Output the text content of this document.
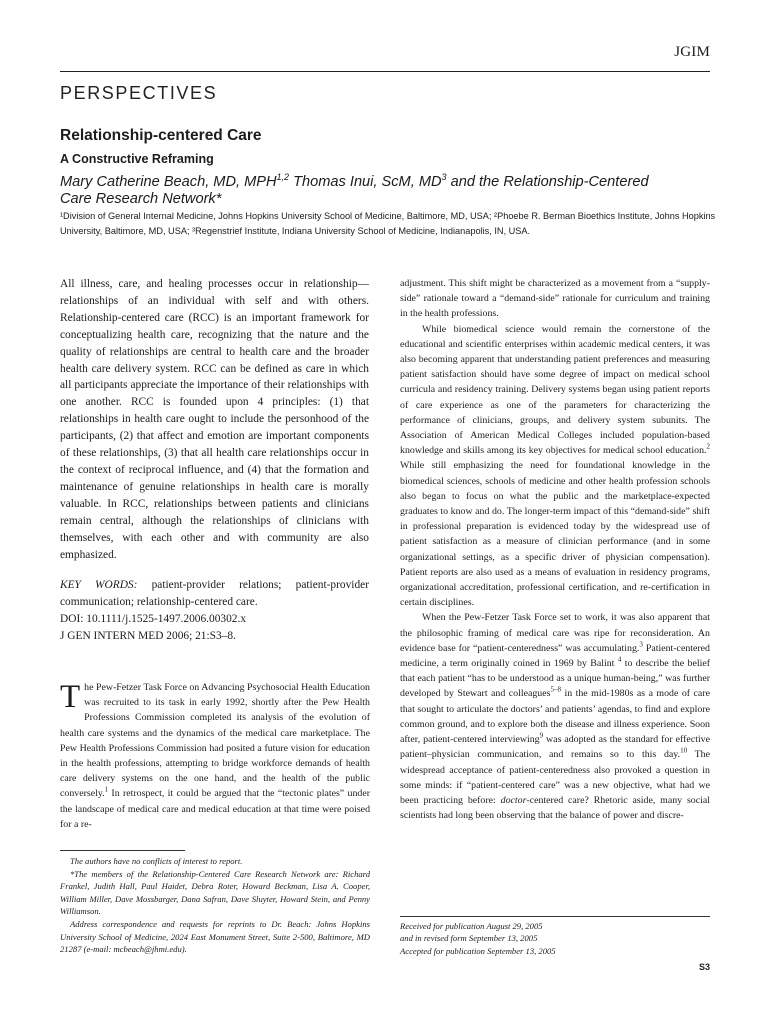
JGIM
PERSPECTIVES
Relationship-centered Care
A Constructive Reframing
Mary Catherine Beach, MD, MPH$^{1,2}$ Thomas Inui, ScM, $MD^3$ and the Relationship-Centered
Care Research Network*
¹Division of General Internal Medicine, Johns Hopkins University School of Medicine, Baltimore, MD, USA; ²Phoebe R. Berman Bioethics Institute, Johns Hopkins University, Baltimore, MD, USA; ³Regenstrief Institute, Indiana University School of Medicine, Indianapolis, IN, USA.
All illness, care, and healing processes occur in relationship—relationships of an individual with self and with others. Relationship-centered care (RCC) is an important framework for conceptualizing health care, recognizing that the nature and the quality of relationships are central to health care and the broader health care delivery system. RCC can be defined as care in which all participants appreciate the importance of their relationships with one another. RCC is founded upon 4 principles: (1) that relationships in health care ought to include the personhood of the participants, (2) that affect and emotion are important components of these relationships, (3) that all health care relationships occur in the context of reciprocal influence, and (4) that the formation and maintenance of genuine relationships in health care is morally valuable. In RCC, relationships between patients and clinicians remain central, although the relationships of clinicians with themselves, with each other and with community are also emphasized.

KEY WORDS: patient-provider relations; patient-provider communication; relationship-centered care.

DOI: 10.1111/j.1525-1497.2006.00302.x

J GEN INTERN MED 2006; 21:S3–8.

The Pew-Fetzer Task Force on Advancing Psychosocial Health Education was recruited to its task in early 1992, shortly after the Pew Health Professions Commission completed its analysis of the evolution of health care systems and the dynamics of the medical care marketplace. The Pew Health Professions Commission had posited a future vision for education in the health professions, attempting to bridge workforce demands of health care delivery systems on the one hand, and the health of the public conversely.$^1$ In retrospect, it could be argued that the “tectonic plates” under the landscape of medical care and medical education at that time were poised for a re-

The authors have no conflicts of interest to report.

*The members of the Relationship-Centered Care Research Network are: Richard Frankel, Judith Hall, Paul Haidet, Debra Roter, Howard Beckman, Lisa A. Cooper, William Miller, Dave Mossbarger, Dana Safran, Dave Sluyter, Howard Stein, and Penny Williamson.

Address correspondence and requests for reprints to Dr. Beach: Johns Hopkins University School of Medicine, 2024 East Monument Street, Suite 2-500, Baltimore, MD 21287 (e-mail: mcbeach@jhmi.edu).

adjustment. This shift might be characterized as a movement from a “supply-side” rationale toward a “demand-side” rationale for curriculum and training in the health professions.

While biomedical science would remain the cornerstone of the educational and scientific enterprises within academic medical centers, it was also becoming apparent that understanding patient preferences and measuring patient satisfaction should have some degree of impact on medical school curricula and residency training. Delivery systems began using patient reports of care experience as one of the parameters for characterizing the performance of clinicians, groups, and delivery system subunits. The Association of American Medical Colleges included population-based knowledge and skills among its key objectives for medical school education.$^2$ While still emphasizing the need for foundational knowledge in the biomedical sciences, schools of medicine and other health profession schools also began to focus on what the public and the marketplace-expected graduates to know and do. The longer-term impact of this “demand-side” shift in professional preparation is evidenced today by the widespread use of patient satisfaction as a measure of clinician performance (and in some organizational settings, as a specific driver of physician compensation). Patient reports are also used as a means of evaluation in residency programs, organizational accreditation, professional certification, and re-certification in certain disciplines.

When the Pew-Fetzer Task Force set to work, it was also apparent that the philosophic framing of medical care was ripe for reconsideration. An evidence base for “patient-centeredness” was accumulating.$^3$ Patient-centered medicine, a term originally coined in 1969 by Balint $^4$ to describe the belief that each patient “has to be understood as a unique human-being,” was further developed by Stewart and colleagues$^{5-8}$ in the mid-1980s as a mode of care that sought to articulate the doctors’ and patients’ agendas, to find and explore common ground, and to explore both the disease and illness experience. Soon after, patient-centered interviewing$^9$ was adopted as the standard for effective patient–physician communication, and remains so to this day.$^{10}$ The widespread acceptance of patient-centeredness also provoked a question in some minds: if “patient-centered care” was a new objective, what had we been practicing before: doctor-centered care? Rhetoric aside, many social scientists had long been observing that the balance of power and discre-

Received for publication August 29, 2005
and in revised form September 13, 2005
Accepted for publication September 13, 2005
S3
